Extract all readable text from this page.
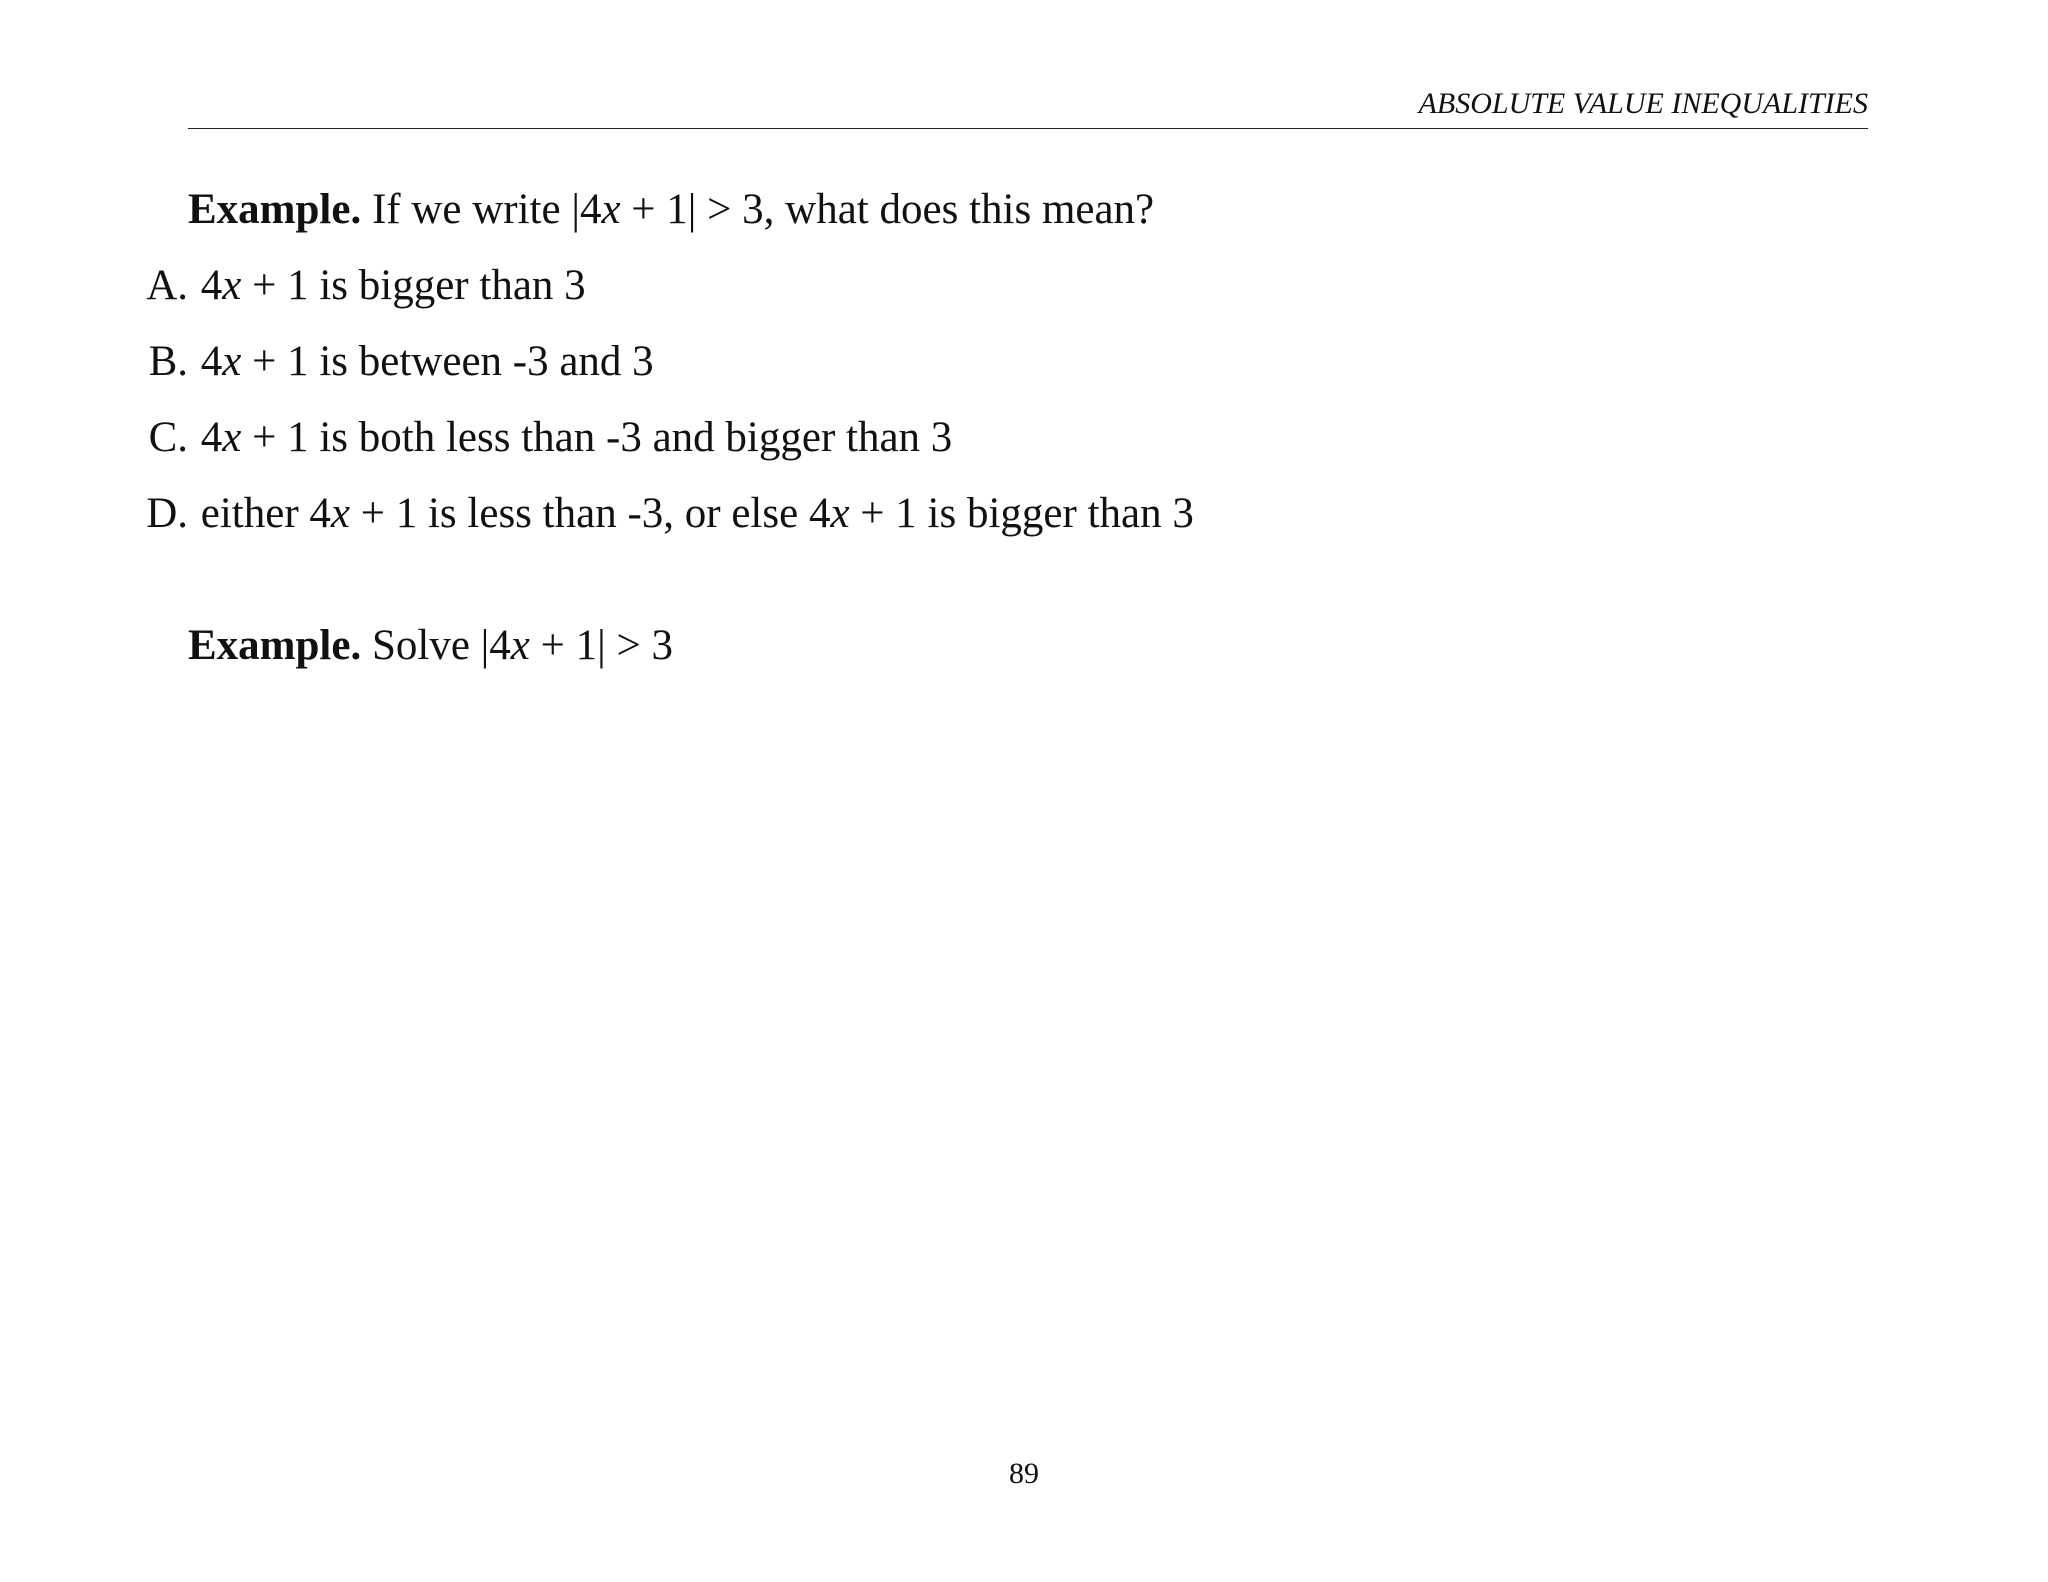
ABSOLUTE VALUE INEQUALITIES
Example. If we write |4x + 1| > 3, what does this mean?
A. 4x + 1 is bigger than 3
B. 4x + 1 is between -3 and 3
C. 4x + 1 is both less than -3 and bigger than 3
D. either 4x + 1 is less than -3, or else 4x + 1 is bigger than 3
Example. Solve |4x + 1| > 3
89
